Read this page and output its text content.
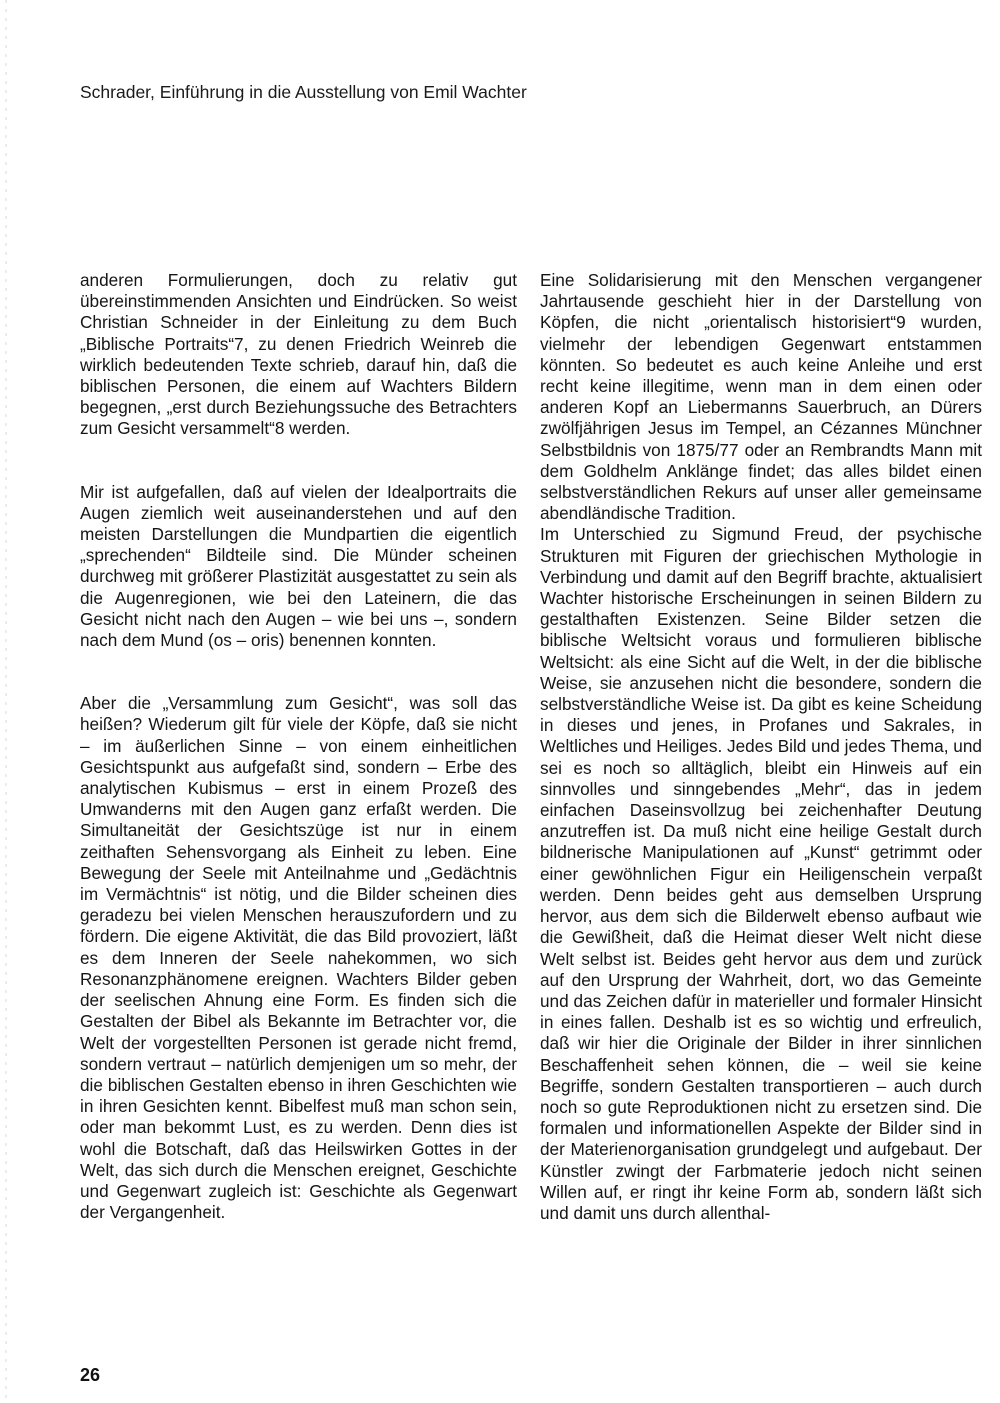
Schrader, Einführung in die Ausstellung von Emil Wachter

anderen Formulierungen, doch zu relativ gut übereinstimmenden Ansichten und Eindrücken. So weist Christian Schneider in der Einleitung zu dem Buch „Biblische Portraits“7, zu denen Friedrich Weinreb die wirklich bedeutenden Texte schrieb, darauf hin, daß die biblischen Personen, die einem auf Wachters Bildern begegnen, „erst durch Beziehungssuche des Betrachters zum Gesicht versammelt“8 werden.

Mir ist aufgefallen, daß auf vielen der Idealportraits die Augen ziemlich weit auseinanderstehen und auf den meisten Darstellungen die Mundpartien die eigentlich „sprechenden“ Bildteile sind. Die Münder scheinen durchweg mit größerer Plastizität ausgestattet zu sein als die Augenregionen, wie bei den Lateinern, die das Gesicht nicht nach den Augen – wie bei uns –, sondern nach dem Mund (os – oris) benennen konnten.

Aber die „Versammlung zum Gesicht“, was soll das heißen? Wiederum gilt für viele der Köpfe, daß sie nicht – im äußerlichen Sinne – von einem einheitlichen Gesichtspunkt aus aufgefaßt sind, sondern – Erbe des analytischen Kubismus – erst in einem Prozeß des Umwanderns mit den Augen ganz erfaßt werden. Die Simultaneität der Gesichtszüge ist nur in einem zeithaften Sehensvorgang als Einheit zu leben. Eine Bewegung der Seele mit Anteilnahme und „Gedächtnis im Vermächtnis“ ist nötig, und die Bilder scheinen dies geradezu bei vielen Menschen herauszufordern und zu fördern. Die eigene Aktivität, die das Bild provoziert, läßt es dem Inneren der Seele nahekommen, wo sich Resonanzphänomene ereignen. Wachters Bilder geben der seelischen Ahnung eine Form. Es finden sich die Gestalten der Bibel als Bekannte im Betrachter vor, die Welt der vorgestellten Personen ist gerade nicht fremd, sondern vertraut – natürlich demjenigen um so mehr, der die biblischen Gestalten ebenso in ihren Geschichten wie in ihren Gesichten kennt. Bibelfest muß man schon sein, oder man bekommt Lust, es zu werden. Denn dies ist wohl die Botschaft, daß das Heilswirken Gottes in der Welt, das sich durch die Menschen ereignet, Geschichte und Gegenwart zugleich ist: Geschichte als Gegenwart der Vergangenheit.

Eine Solidarisierung mit den Menschen vergangener Jahrtausende geschieht hier in der Darstellung von Köpfen, die nicht „orientalisch historisiert“9 wurden, vielmehr der lebendigen Gegenwart entstammen könnten. So bedeutet es auch keine Anleihe und erst recht keine illegitime, wenn man in dem einen oder anderen Kopf an Liebermanns Sauerbruch, an Dürers zwölfjährigen Jesus im Tempel, an Cézannes Münchner Selbstbildnis von 1875/77 oder an Rembrandts Mann mit dem Goldhelm Anklänge findet; das alles bildet einen selbstverständlichen Rekurs auf unser aller gemeinsame abendländische Tradition.

Im Unterschied zu Sigmund Freud, der psychische Strukturen mit Figuren der griechischen Mythologie in Verbindung und damit auf den Begriff brachte, aktualisiert Wachter historische Erscheinungen in seinen Bildern zu gestalthaften Existenzen. Seine Bilder setzen die biblische Weltsicht voraus und formulieren biblische Weltsicht: als eine Sicht auf die Welt, in der die biblische Weise, sie anzusehen nicht die besondere, sondern die selbstverständliche Weise ist. Da gibt es keine Scheidung in dieses und jenes, in Profanes und Sakrales, in Weltliches und Heiliges. Jedes Bild und jedes Thema, und sei es noch so alltäglich, bleibt ein Hinweis auf ein sinnvolles und sinngebendes „Mehr“, das in jedem einfachen Daseinsvollzug bei zeichenhafter Deutung anzutreffen ist. Da muß nicht eine heilige Gestalt durch bildnerische Manipulationen auf „Kunst“ getrimmt oder einer gewöhnlichen Figur ein Heiligenschein verpaßt werden. Denn beides geht aus demselben Ursprung hervor, aus dem sich die Bilderwelt ebenso aufbaut wie die Gewißheit, daß die Heimat dieser Welt nicht diese Welt selbst ist. Beides geht hervor aus dem und zurück auf den Ursprung der Wahrheit, dort, wo das Gemeinte und das Zeichen dafür in materieller und formaler Hinsicht in eines fallen. Deshalb ist es so wichtig und erfreulich, daß wir hier die Originale der Bilder in ihrer sinnlichen Beschaffenheit sehen können, die – weil sie keine Begriffe, sondern Gestalten transportieren – auch durch noch so gute Reproduktionen nicht zu ersetzen sind. Die formalen und informationellen Aspekte der Bilder sind in der Materienorganisation grundgelegt und aufgebaut. Der Künstler zwingt der Farbmaterie jedoch nicht seinen Willen auf, er ringt ihr keine Form ab, sondern läßt sich und damit uns durch allenthal-

26
